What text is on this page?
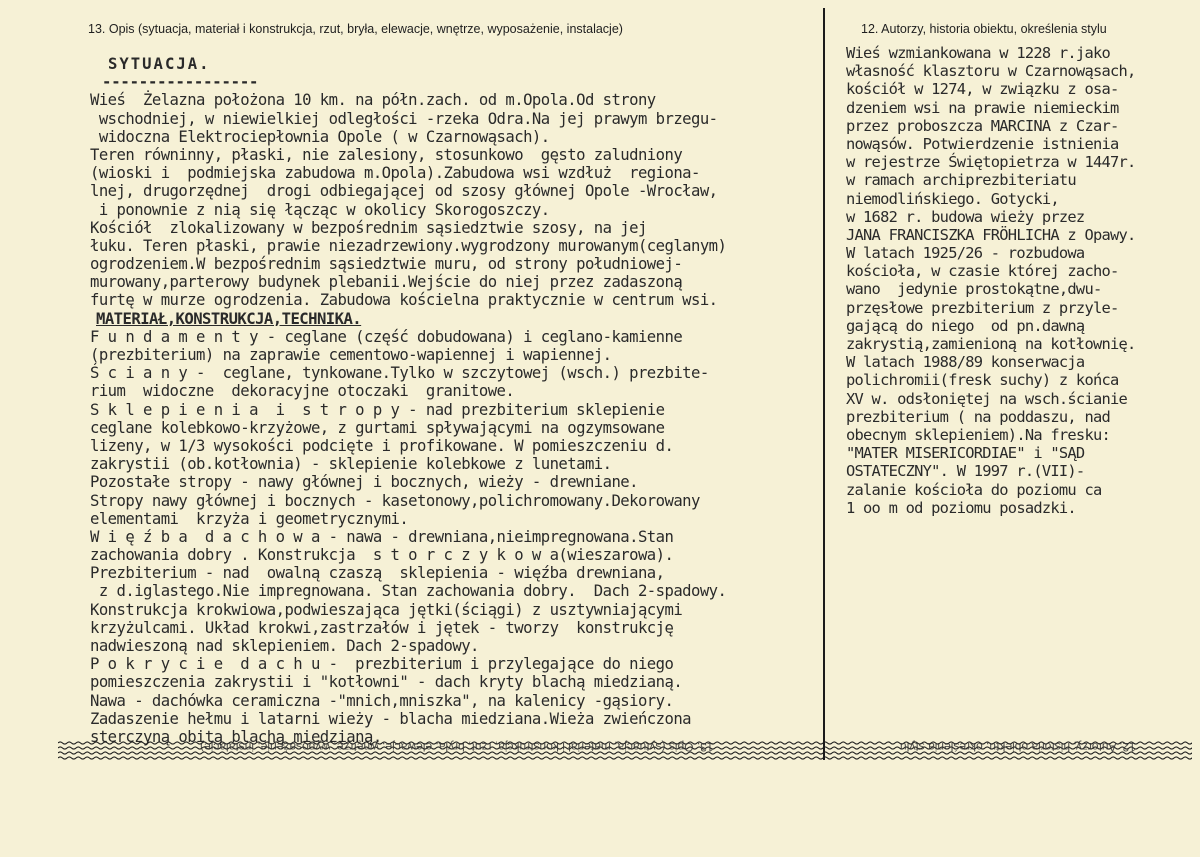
13. Opis (sytuacja, materiał i konstrukcja, rzut, bryła, elewacje, wnętrze, wyposażenie, instalacje)	12. Autorzy, historia obiektu, określenia stylu
SYTUACJA.
-----------------
Wieś  Żelazna położona 10 km. na półn.zach. od m.Opola.Od strony
wschodniej, w niewielkiej odległości -rzeka Odra.Na jej prawym brzegu-
widoczna Elektrociepłownia Opole ( w Czarnowąsach).
Teren równinny, płaski, nie zalesiony, stosunkowo  gęsto zaludniony
(wioski i  podmiejska zabudowa m.Opola).Zabudowa wsi wzdłuż  regiona-
lnej, drugorzędnej  drogi odbiegającej od szosy głównej Opole -Wrocław,
i ponownie z nią się łącząc w okolicy Skorogoszczy.
Kościół  zlokalizowany w bezpośrednim sąsiedztwie szosy, na jej
łuku. Teren płaski, prawie niezadrzewiony.wygrodzony murowanym(ceglanym)
ogrodzeniem.W bezpośrednim sąsiedztwie muru, od strony południowej-
murowany,parterowy budynek plebanii.Wejście do niej przez zadaszoną
furtę w murze ogrodzenia. Zabudowa kościelna praktycznie w centrum wsi.
MATERIAŁ,KONSTRUKCJA,TECHNIKA.
F u n d a m e n t y - ceglane (część dobudowana) i ceglano-kamienne
(prezbiterium) na zaprawie cementowo-wapiennej i wapiennej.
Ś c i a n y -  ceglane, tynkowane.Tylko w szczytowej (wsch.) prezbite-
rium  widoczne  dekoracyjne otoczaki  granitowe.
S k l e p i e n i a  i  s t r o p y - nad prezbiterium sklepienie
ceglane kolebkowo-krzyżowe, z gurtami spływającymi na ogzymsowane
lizeny, w 1/3 wysokości podcięte i profikowane. W pomieszczeniu d.
zakrystii (ob.kotłownia) - sklepienie kolebkowe z lunetami.
Pozostałe stropy - nawy głównej i bocznych, wieży - drewniane.
Stropy nawy głównej i bocznych - kasetonowy,polichromowany.Dekorowany
elementami  krzyża i geometrycznymi.
W i ę ź b a  d a c h o w a - nawa - drewniana,nieimpregnowana.Stan
zachowania dobry . Konstrukcja  s t o r c z y k o w a(wieszarowa).
Prezbiterium - nad  owalną czaszą  sklepienia - więźba drewniana,
z d.iglastego.Nie impregnowana. Stan zachowania dobry.  Dach 2-spadowy.
Konstrukcja krokwiowa,podwieszająca jętki(ściągi) z usztywniającymi
krzyżulcami. Układ krokwi,zastrzałów i jętek - tworzy  konstrukcję
nadwieszoną nad sklepieniem. Dach 2-spadowy.
P o k r y c i e  d a c h u -  prezbiterium i przylegające do niego
pomieszczenia zakrystii i "kotłowni" - dach kryty blachą miedzianą.
Nawa - dachówka ceramiczna -"mnich,mniszka", na kalenicy -gąsiory.
Zadaszenie hełmu i latarni wieży - blacha miedziana.Wieża zwieńczona
sterczyną obitą blachą miedzianą.
Wieś wzmiankowana w 1228 r.jako
własność klasztoru w Czarnowąsach,
kościół w 1274, w związku z osa-
dzeniem wsi na prawie niemieckim
przez proboszcza MARCINA z Czar-
nowąsów. Potwierdzenie istnienia
w rejestrze Świętopietrza w 1447r.
w ramach archiprezbiteriatu
niemodlińskiego. Gotycki,
w 1682 r. budowa wieży przez
JANA FRANCISZKA FRÖHLICHA z Opawy.
W latach 1925/26 - rozbudowa
kościoła, w czasie której zacho-
wano  jedynie prostokątne,dwu-
przęsłowe prezbiterium z przyle-
gającą do niego  od pn.dawną
zakrystią,zamienioną na kotłownię.
W latach 1988/89 konserwacja
polichromii(fresk suchy) z końca
XV w. odsłoniętej na wsch.ścianie
prezbiterium ( na poddaszu, nad
obecnym sklepieniem).Na fresku:
"MATER MISERICORDIAE" i "SĄD
OSTATECZNY". W 1997 r.(VII)-
zalanie kościoła do poziomu ca
1 oo m od poziomu posadzki.
13. Opis (sytuacja, materiał i konstrukcja, rzut, bryła, elewacje, wnętrze, wyposażenie, instalacje)	12. Autorzy, historia obiektu, określenia stylu
